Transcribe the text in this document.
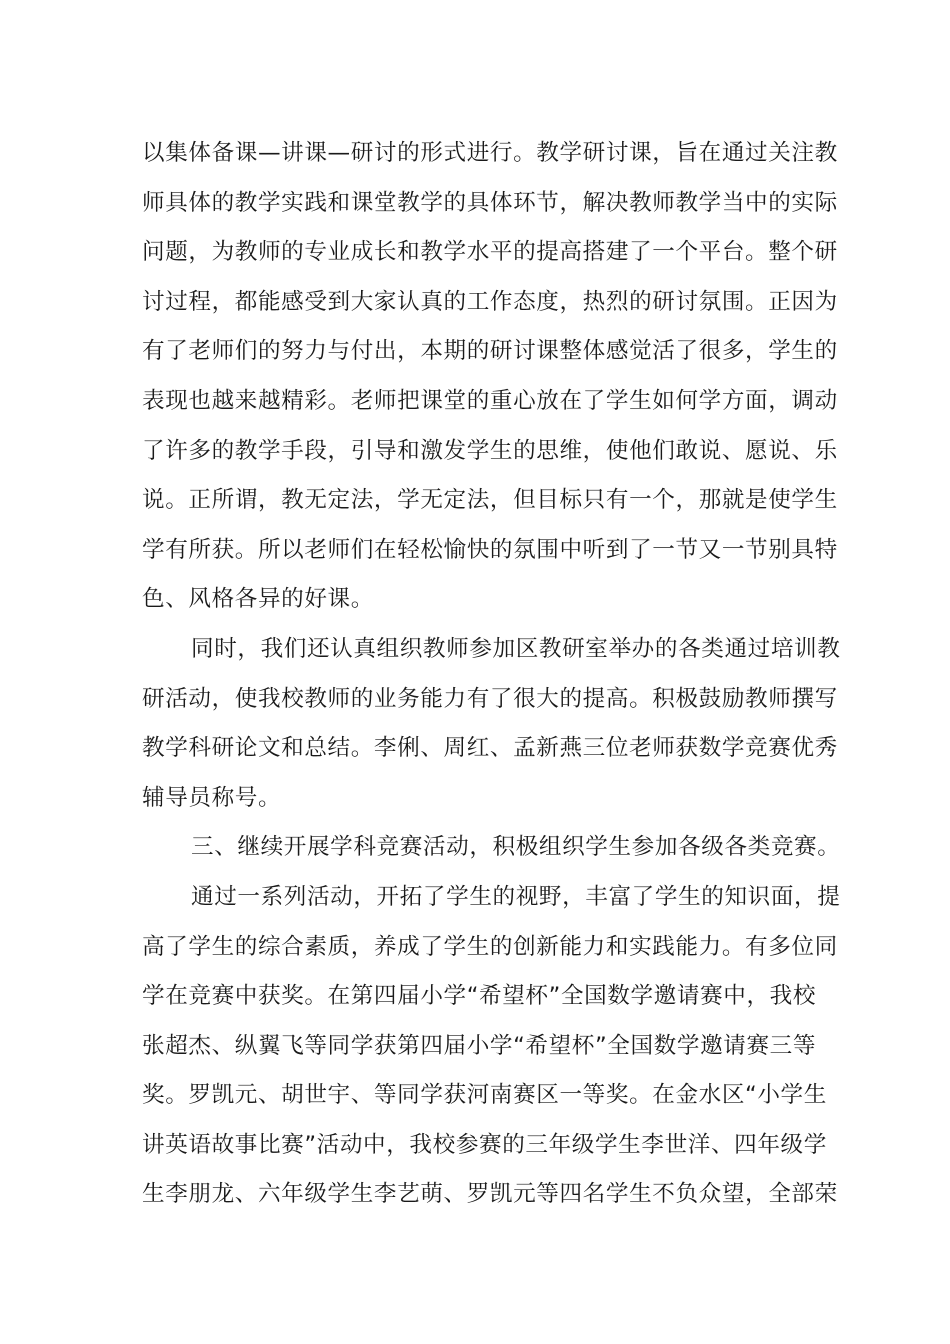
以集体备课—讲课—研讨的形式进行。教学研讨课，旨在通过关注教
师具体的教学实践和课堂教学的具体环节，解决教师教学当中的实际
问题，为教师的专业成长和教学水平的提高搭建了一个平台。整个研
讨过程，都能感受到大家认真的工作态度，热烈的研讨氛围。正因为
有了老师们的努力与付出，本期的研讨课整体感觉活了很多，学生的
表现也越来越精彩。老师把课堂的重心放在了学生如何学方面，调动
了许多的教学手段，引导和激发学生的思维，使他们敢说、愿说、乐
说。正所谓，教无定法，学无定法，但目标只有一个，那就是使学生
学有所获。所以老师们在轻松愉快的氛围中听到了一节又一节别具特
色、风格各异的好课。
同时，我们还认真组织教师参加区教研室举办的各类通过培训教
研活动，使我校教师的业务能力有了很大的提高。积极鼓励教师撰写
教学科研论文和总结。李俐、周红、孟新燕三位老师获数学竞赛优秀
辅导员称号。
三、继续开展学科竞赛活动，积极组织学生参加各级各类竞赛。
通过一系列活动，开拓了学生的视野，丰富了学生的知识面，提
高了学生的综合素质，养成了学生的创新能力和实践能力。有多位同
学在竞赛中获奖。在第四届小学“希望杯”全国数学邀请赛中，我校
张超杰、纵翼飞等同学获第四届小学“希望杯”全国数学邀请赛三等
奖。罗凯元、胡世宇、等同学获河南赛区一等奖。在金水区“小学生
讲英语故事比赛”活动中，我校参赛的三年级学生李世洋、四年级学
生李朋龙、六年级学生李艺萌、罗凯元等四名学生不负众望，全部荣
